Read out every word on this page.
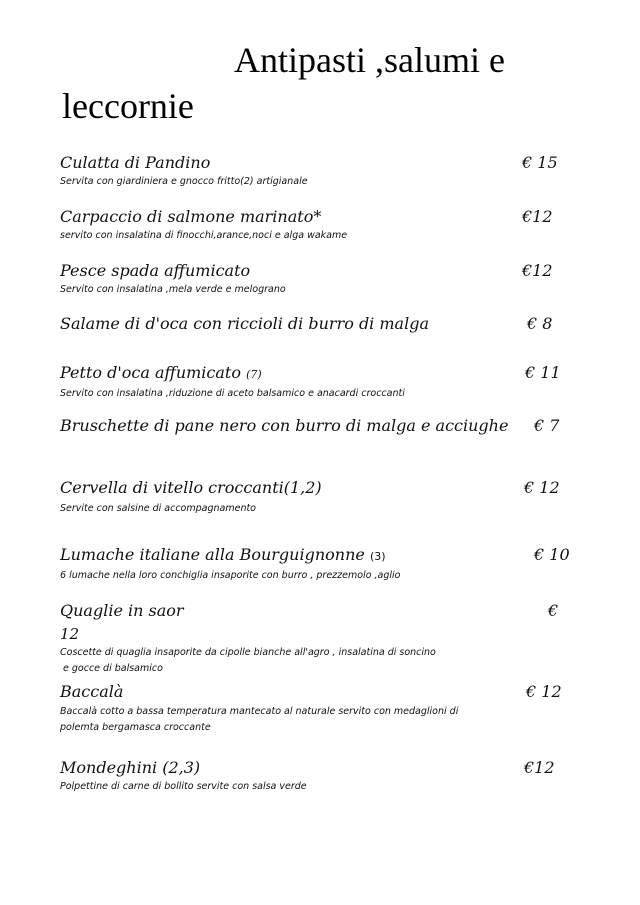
Antipasti ,salumi e
leccornie
Culatta di Pandino
Servita con giardiniera e gnocco fritto(2) artigianale
€ 15
Carpaccio di salmone marinato*
servito con insalatina di finocchi,arance,noci e alga wakame
€12
Pesce spada affumicato
Servito con insalatina ,mela verde e melograno
€12
Salame di d'oca con riccioli di burro di malga	€ 8
Petto d'oca affumicato (7)
Servito con insalatina ,riduzione di aceto balsamico e anacardi croccanti
€ 11
Bruschette di pane nero con burro di malga e acciughe	€ 7
Cervella di vitello croccanti(1,2)
Servite con salsine di accompagnamento
€ 12
Lumache italiane alla Bourguignonne (3)
6 lumache nella loro conchiglia insaporite con burro , prezzemolo ,aglio
€ 10
Quaglie in saor	€
12
Coscette di quaglia insaporite da cipolle bianche all'agro , insalatina di soncino
e gocce di balsamico
Baccalà
Baccalà cotto a bassa temperatura mantecato al naturale servito con medaglioni di
polemta bergamasca croccante
€ 12
Mondeghini (2,3)
Polpettine di carne di bollito servite con salsa verde
€12
